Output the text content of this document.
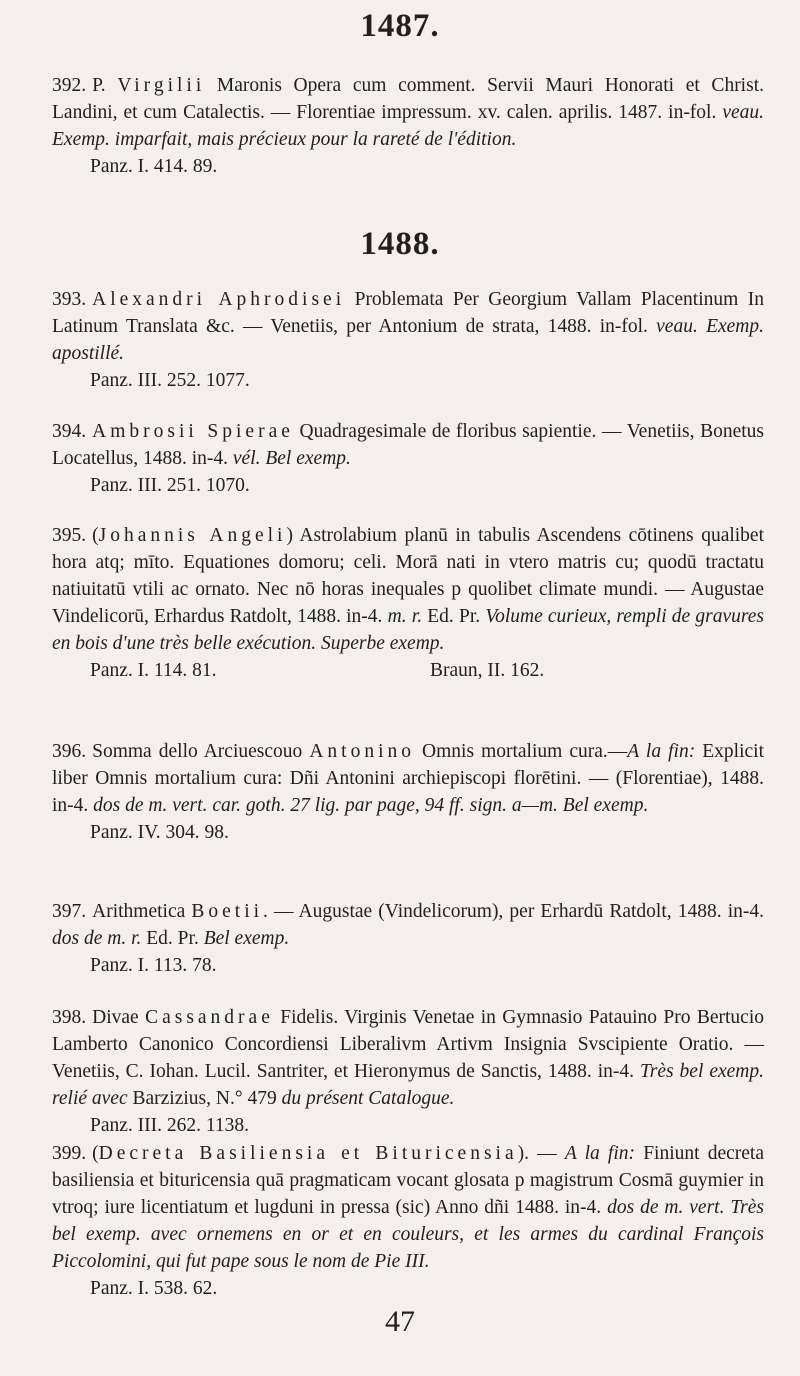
1487.
392. P. Virgilii Maronis Opera cum comment. Servii Mauri Honorati et Christ. Landini, et cum Catalectis. — Florentiae impressum. xv. calen. aprilis. 1487. in-fol. veau. Exemp. imparfait, mais précieux pour la rareté de l'édition.
Panz. I. 414. 89.
1488.
393. Alexandri Aphrodisei Problemata Per Georgium Vallam Placentinum In Latinum Translata &c. — Venetiis, per Antonium de strata, 1488. in-fol. veau. Exemp. apostillé.
Panz. III. 252. 1077.
394. Ambrosii Spierae Quadragesimale de floribus sapientie. — Venetiis, Bonetus Locatellus, 1488. in-4. vél. Bel exemp.
Panz. III. 251. 1070.
395. (Johannis Angeli) Astrolabium planū in tabulis Ascendens cōtinens qualibet hora atq; mīto. Equationes domoru; celi. Morā nati in vtero matris cu; quodū tractatu natiuitatū vtili ac ornato. Nec nō horas inequales p quolibet climate mundi. — Augustae Vindelicorū, Erhardus Ratdolt, 1488. in-4. m. r. Ed. Pr. Volume curieux, rempli de gravures en bois d'une très belle exécution. Superbe exemp.
Panz. I. 114. 81.	Braun, II. 162.
396. Somma dello Arciuescouo Antonino Omnis mortalium cura.—A la fin: Explicit liber Omnis mortalium cura: Dñi Antonini archiepiscopi florētini. — (Florentiae), 1488. in-4. dos de m. vert. car. goth. 27 lig. par page, 94 ff. sign. a—m. Bel exemp.
Panz. IV. 304. 98.
397. Arithmetica Boetii. — Augustae (Vindelicorum), per Erhardū Ratdolt, 1488. in-4. dos de m. r. Ed. Pr. Bel exemp.
Panz. I. 113. 78.
398. Divae Cassandrae Fidelis. Virginis Venetae in Gymnasio Patauino Pro Bertucio Lamberto Canonico Concordiensi Liberalivm Artivm Insignia Svscipiente Oratio. — Venetiis, C. Iohan. Lucil. Santriter, et Hieronymus de Sanctis, 1488. in-4. Très bel exemp. relié avec Barzizius, N.° 479 du présent Catalogue.
Panz. III. 262. 1138.
399. (Decreta Basiliensia et Bituricensia). — A la fin: Finiunt decreta basiliensia et bituricensia quā pragmaticam vocant glosata p magistrum Cosmā guymier in vtroq; iure licentiatum et lugduni in pressa (sic) Anno dñi 1488. in-4. dos de m. vert. Très bel exemp. avec ornemens en or et en couleurs, et les armes du cardinal François Piccolomini, qui fut pape sous le nom de Pie III.
Panz. I. 538. 62.
47
